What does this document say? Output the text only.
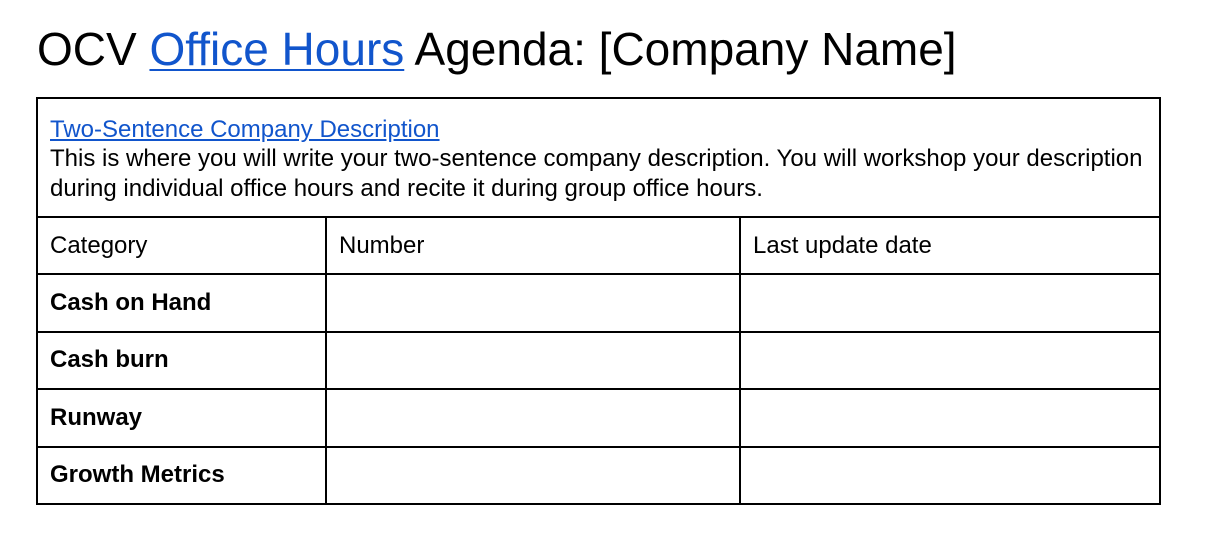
OCV Office Hours Agenda: [Company Name]
Two-Sentence Company Description
This is where you will write your two-sentence company description. You will workshop your description during individual office hours and recite it during group office hours.		

Category	Number	Last update date
Cash on Hand		
Cash burn		
Runway		
Growth Metrics		
